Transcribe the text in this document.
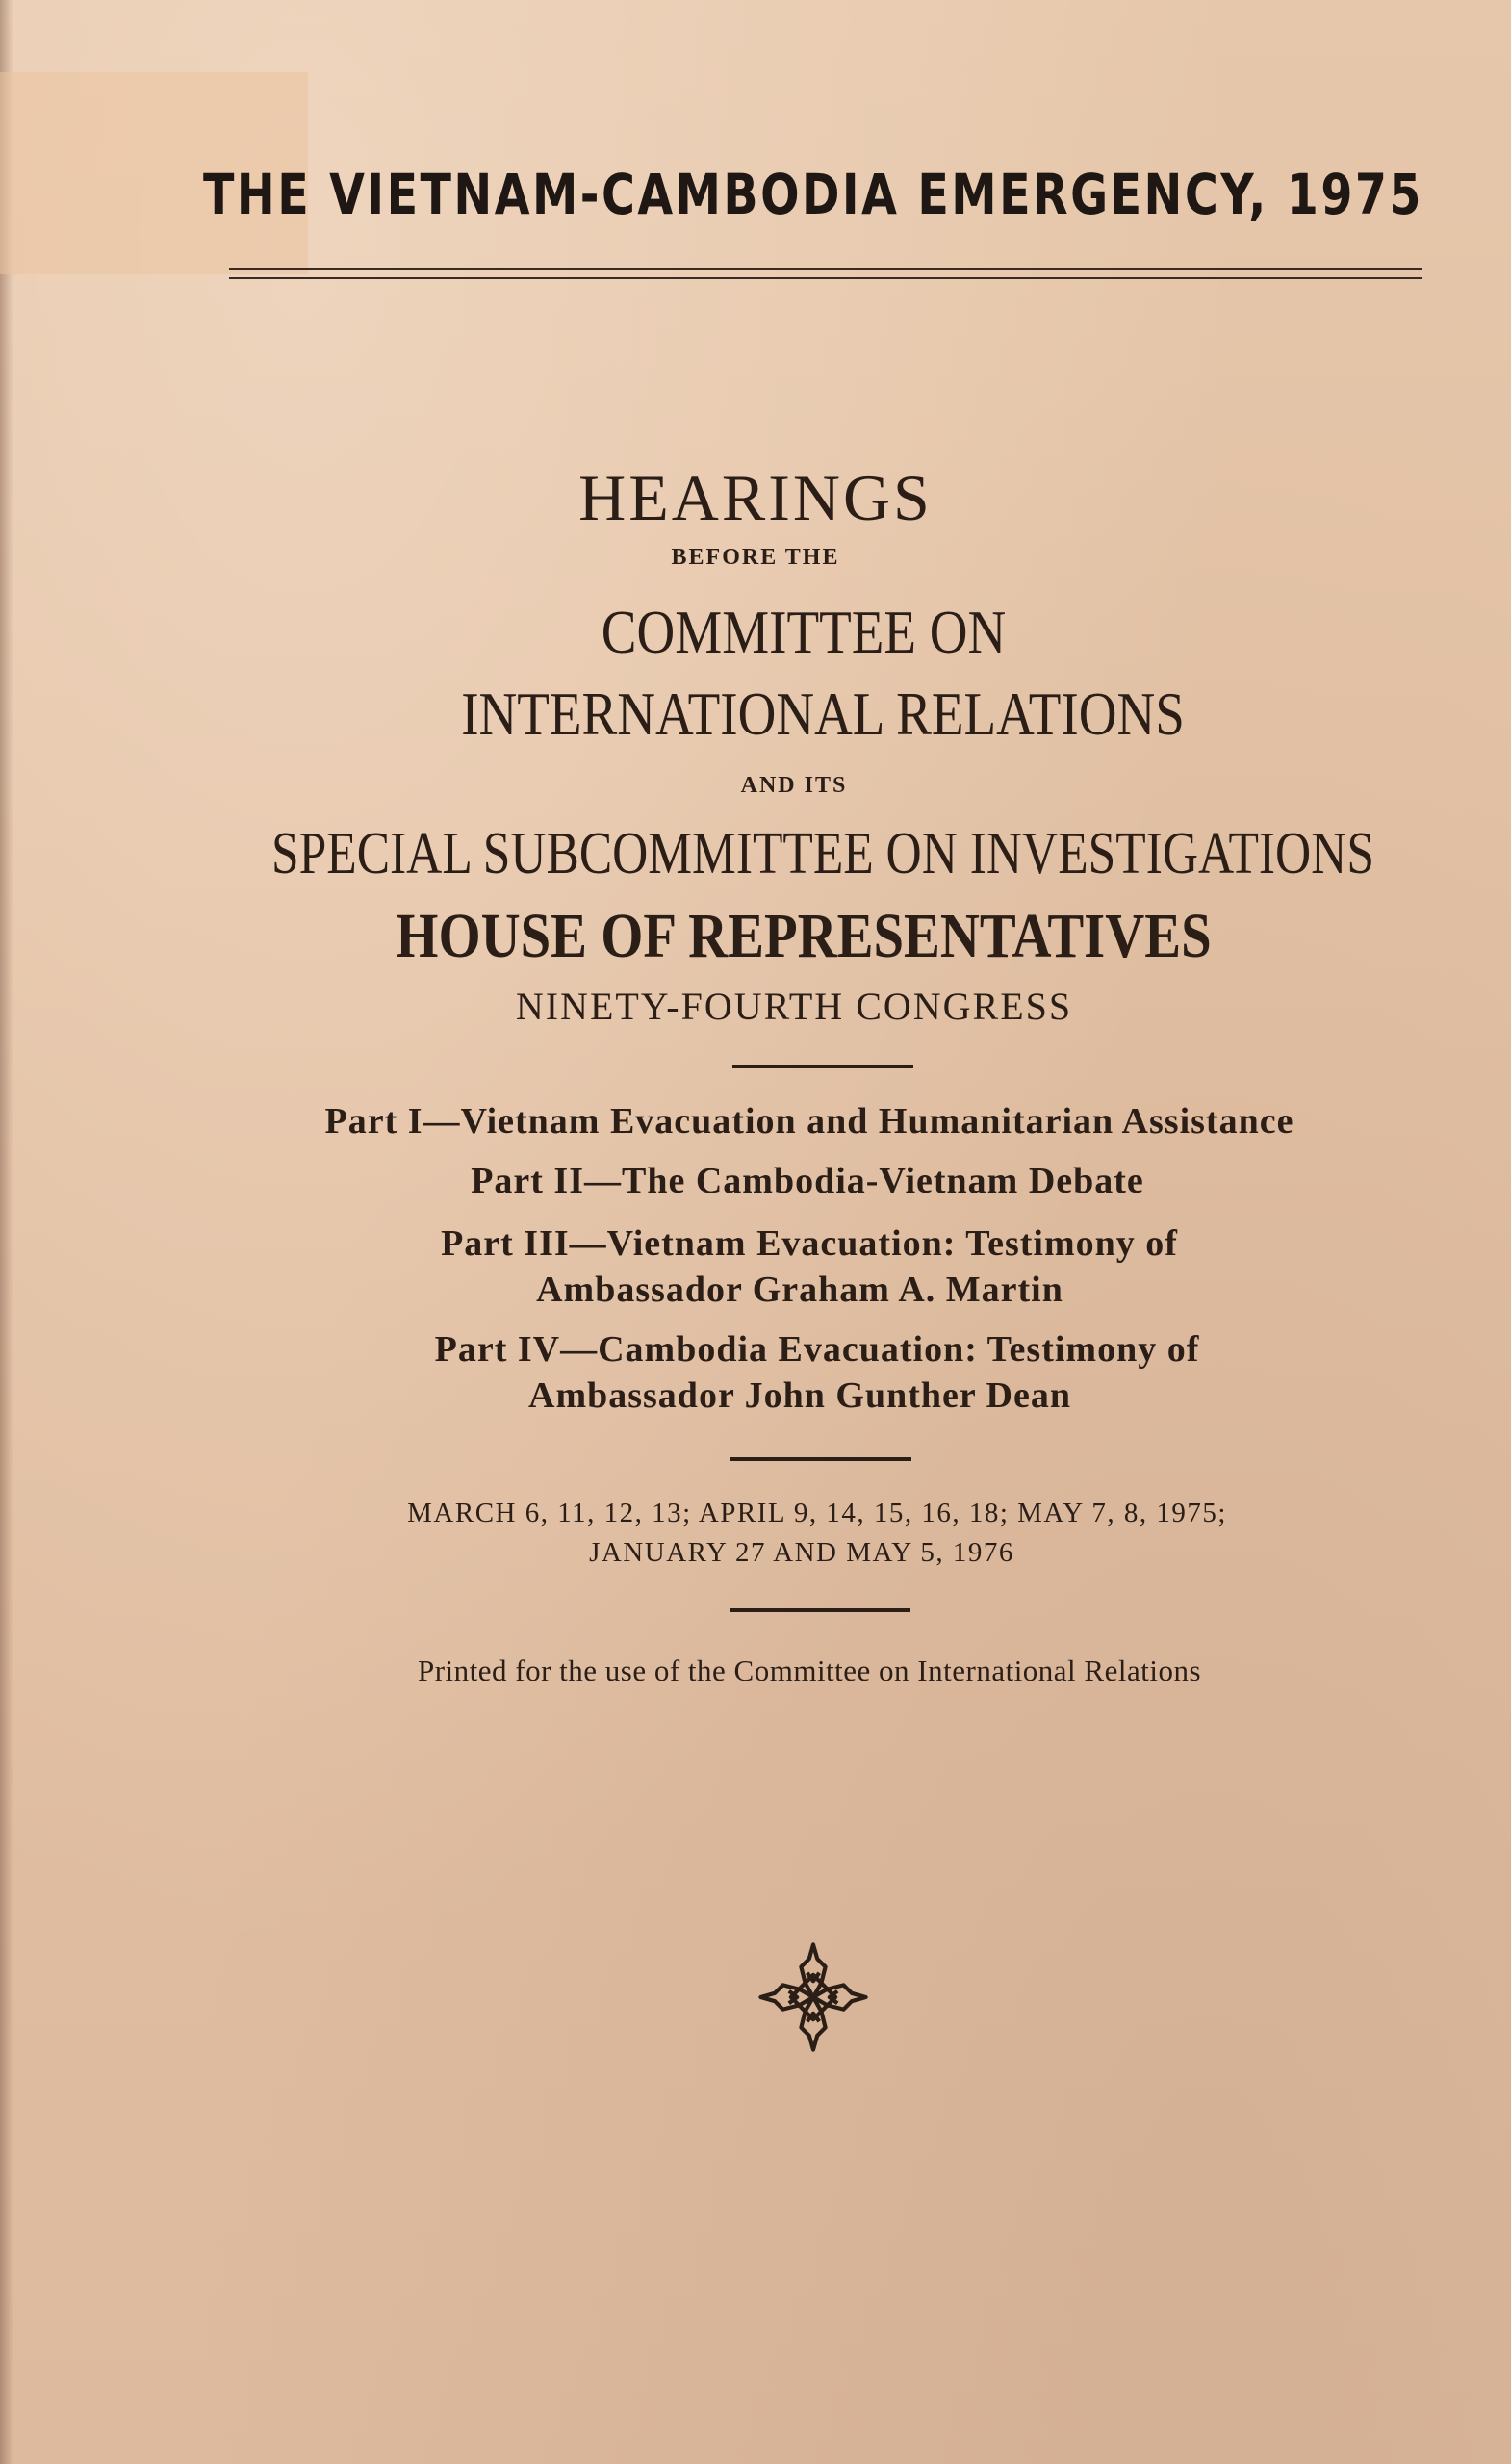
THE VIETNAM-CAMBODIA EMERGENCY, 1975
HEARINGS
BEFORE THE
COMMITTEE ON
INTERNATIONAL RELATIONS
AND ITS
SPECIAL SUBCOMMITTEE ON INVESTIGATIONS
HOUSE OF REPRESENTATIVES
NINETY-FOURTH CONGRESS
Part I—Vietnam Evacuation and Humanitarian Assistance
Part II—The Cambodia-Vietnam Debate
Part III—Vietnam Evacuation: Testimony of
Ambassador Graham A. Martin
Part IV—Cambodia Evacuation: Testimony of
Ambassador John Gunther Dean
MARCH 6, 11, 12, 13; APRIL 9, 14, 15, 16, 18; MAY 7, 8, 1975;
JANUARY 27 AND MAY 5, 1976
Printed for the use of the Committee on International Relations
